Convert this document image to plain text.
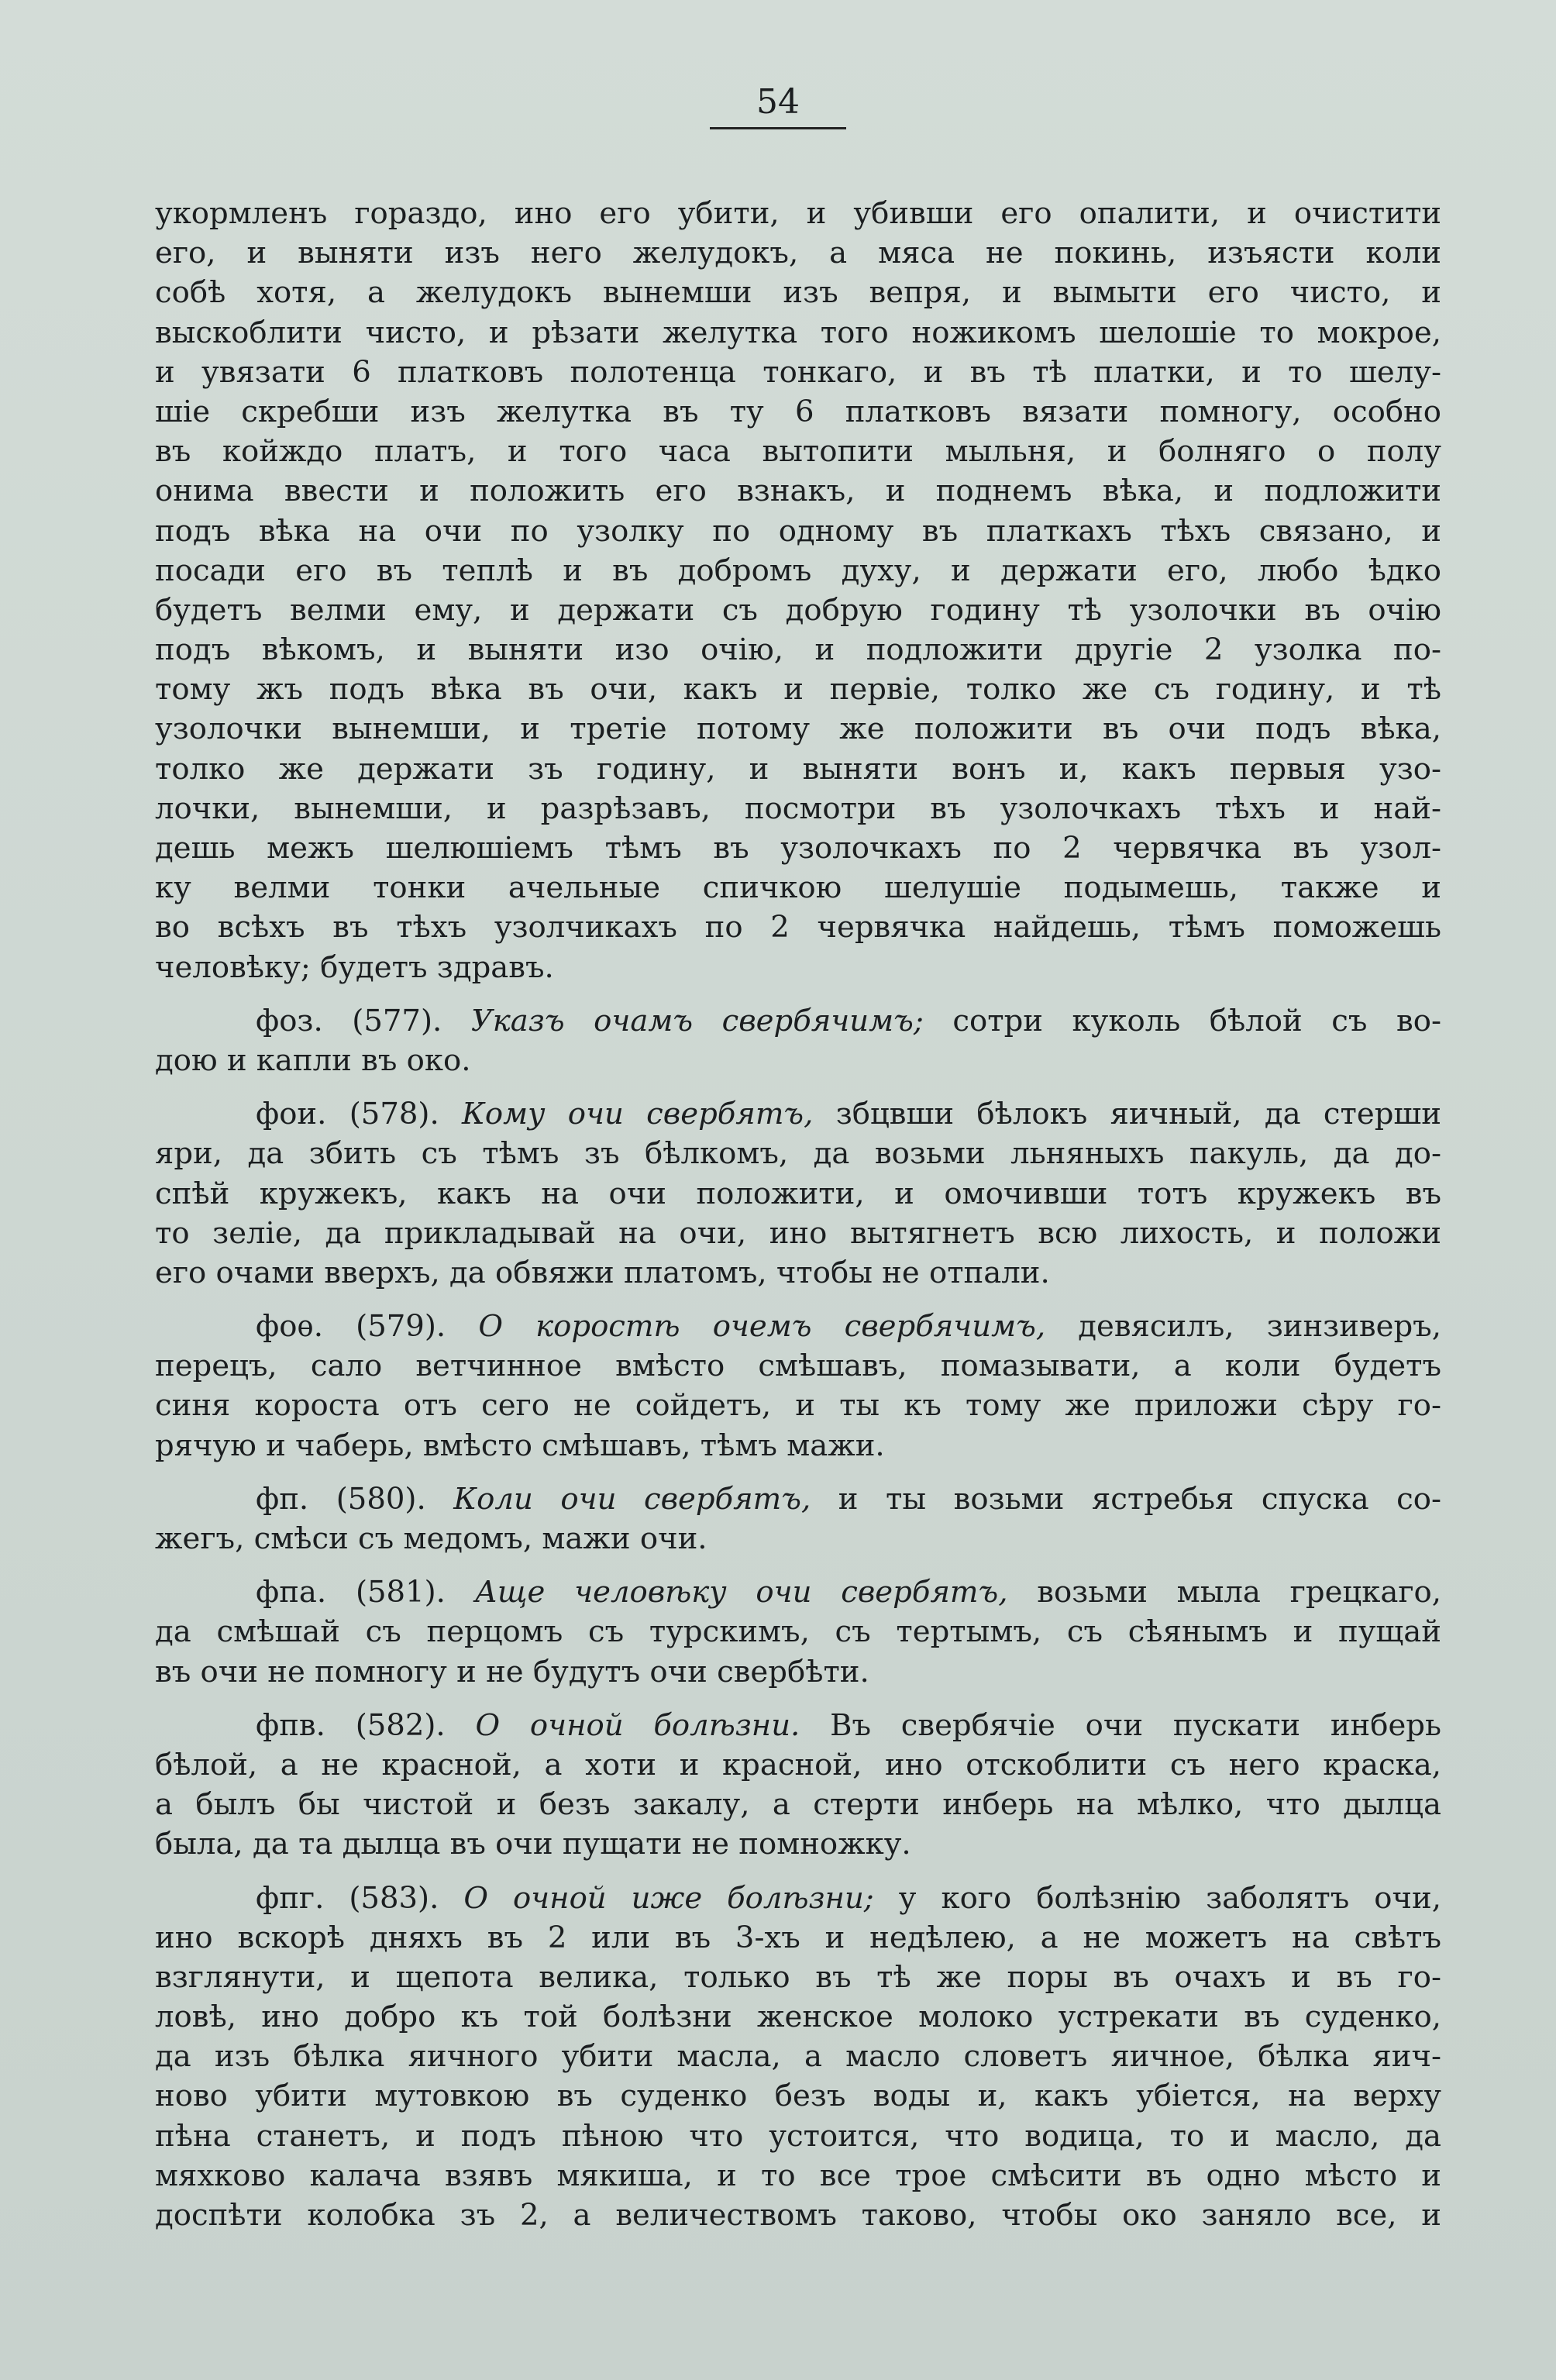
54
укормленъ гораздо, ино его убити, и убивши его опалити, и очистити
его, и выняти изъ него желудокъ, а мяса не покинь, изъясти коли
собѣ хотя, а желудокъ вынемши изъ вепря, и вымыти его чисто, и
выскоблити чисто, и рѣзати желутка того ножикомъ шелошіе то мокрое,
и увязати 6 платковъ полотенца тонкаго, и въ тѣ платки, и то шелу-
шіе скребши изъ желутка въ ту 6 платковъ вязати помногу, особно
въ койждо платъ, и того часа вытопити мыльня, и болняго о полу
онима ввести и положить его взнакъ, и поднемъ вѣка, и подложити
подъ вѣка на очи по узолку по одному въ платкахъ тѣхъ связано, и
посади его въ теплѣ и въ добромъ духу, и держати его, любо ѣдко
будетъ велми ему, и держати съ добрую годину тѣ узолочки въ очію
подъ вѣкомъ, и выняти изо очію, и подложити другіе 2 узолка по-
тому жъ подъ вѣка въ очи, какъ и первіе, толко же съ годину, и тѣ
узолочки вынемши, и третіе потому же положити въ очи подъ вѣка,
толко же держати зъ годину, и выняти вонъ и, какъ первыя узо-
лочки, вынемши, и разрѣзавъ, посмотри въ узолочкахъ тѣхъ и най-
дешь межъ шелюшіемъ тѣмъ въ узолочкахъ по 2 червячка въ узол-
ку велми тонки ачельные спичкою шелушіе подымешь, также и
во всѣхъ въ тѣхъ узолчикахъ по 2 червячка найдешь, тѣмъ поможешь
человѣку; будетъ здравъ.
фоз. (577). Указъ очамъ свербячимъ; сотри куколь бѣлой съ во-
дою и капли въ око.
фои. (578). Кому очи свербятъ, збцвши бѣлокъ яичный, да стерши
яри, да збить съ тѣмъ зъ бѣлкомъ, да возьми льняныхъ пакуль, да до-
спѣй кружекъ, какъ на очи положити, и омочивши тотъ кружекъ въ
то зеліе, да прикладывай на очи, ино вытягнетъ всю лихость, и положи
его очами вверхъ, да обвяжи платомъ, чтобы не отпали.
фоѳ. (579). О коростѣ очемъ свербячимъ, девясилъ, зинзиверъ,
перецъ, сало ветчинное вмѣсто смѣшавъ, помазывати, а коли будетъ
синя короста отъ сего не сойдетъ, и ты къ тому же приложи сѣру го-
рячую и чаберь, вмѣсто смѣшавъ, тѣмъ мажи.
фп. (580). Коли очи свербятъ, и ты возьми ястребья спуска со-
жегъ, смѣси съ медомъ, мажи очи.
фпа. (581). Аще человѣку очи свербятъ, возьми мыла грецкаго,
да смѣшай съ перцомъ съ турскимъ, съ тертымъ, съ сѣянымъ и пущай
въ очи не помногу и не будутъ очи свербѣти.
фпв. (582). О очной болѣзни. Въ свербячіе очи пускати инберь
бѣлой, а не красной, а хоти и красной, ино отскоблити съ него краска,
а былъ бы чистой и безъ закалу, а стерти инберь на мѣлко, что дылца
была, да та дылца въ очи пущати не помножку.
фпг. (583). О очной иже болѣзни; у кого болѣзнію заболятъ очи,
ино вскорѣ дняхъ въ 2 или въ 3-хъ и недѣлею, а не можетъ на свѣтъ
взглянути, и щепота велика, только въ тѣ же поры въ очахъ и въ го-
ловѣ, ино добро къ той болѣзни женское молоко устрекати въ суденко,
да изъ бѣлка яичного убити масла, а масло словетъ яичное, бѣлка яич-
ново убити мутовкою въ суденко безъ воды и, какъ убіется, на верху
пѣна станетъ, и подъ пѣною что устоится, что водица, то и масло, да
мяхково калача взявъ мякиша, и то все трое смѣсити въ одно мѣсто и
доспѣти колобка зъ 2, а величествомъ таково, чтобы око заняло все, и
